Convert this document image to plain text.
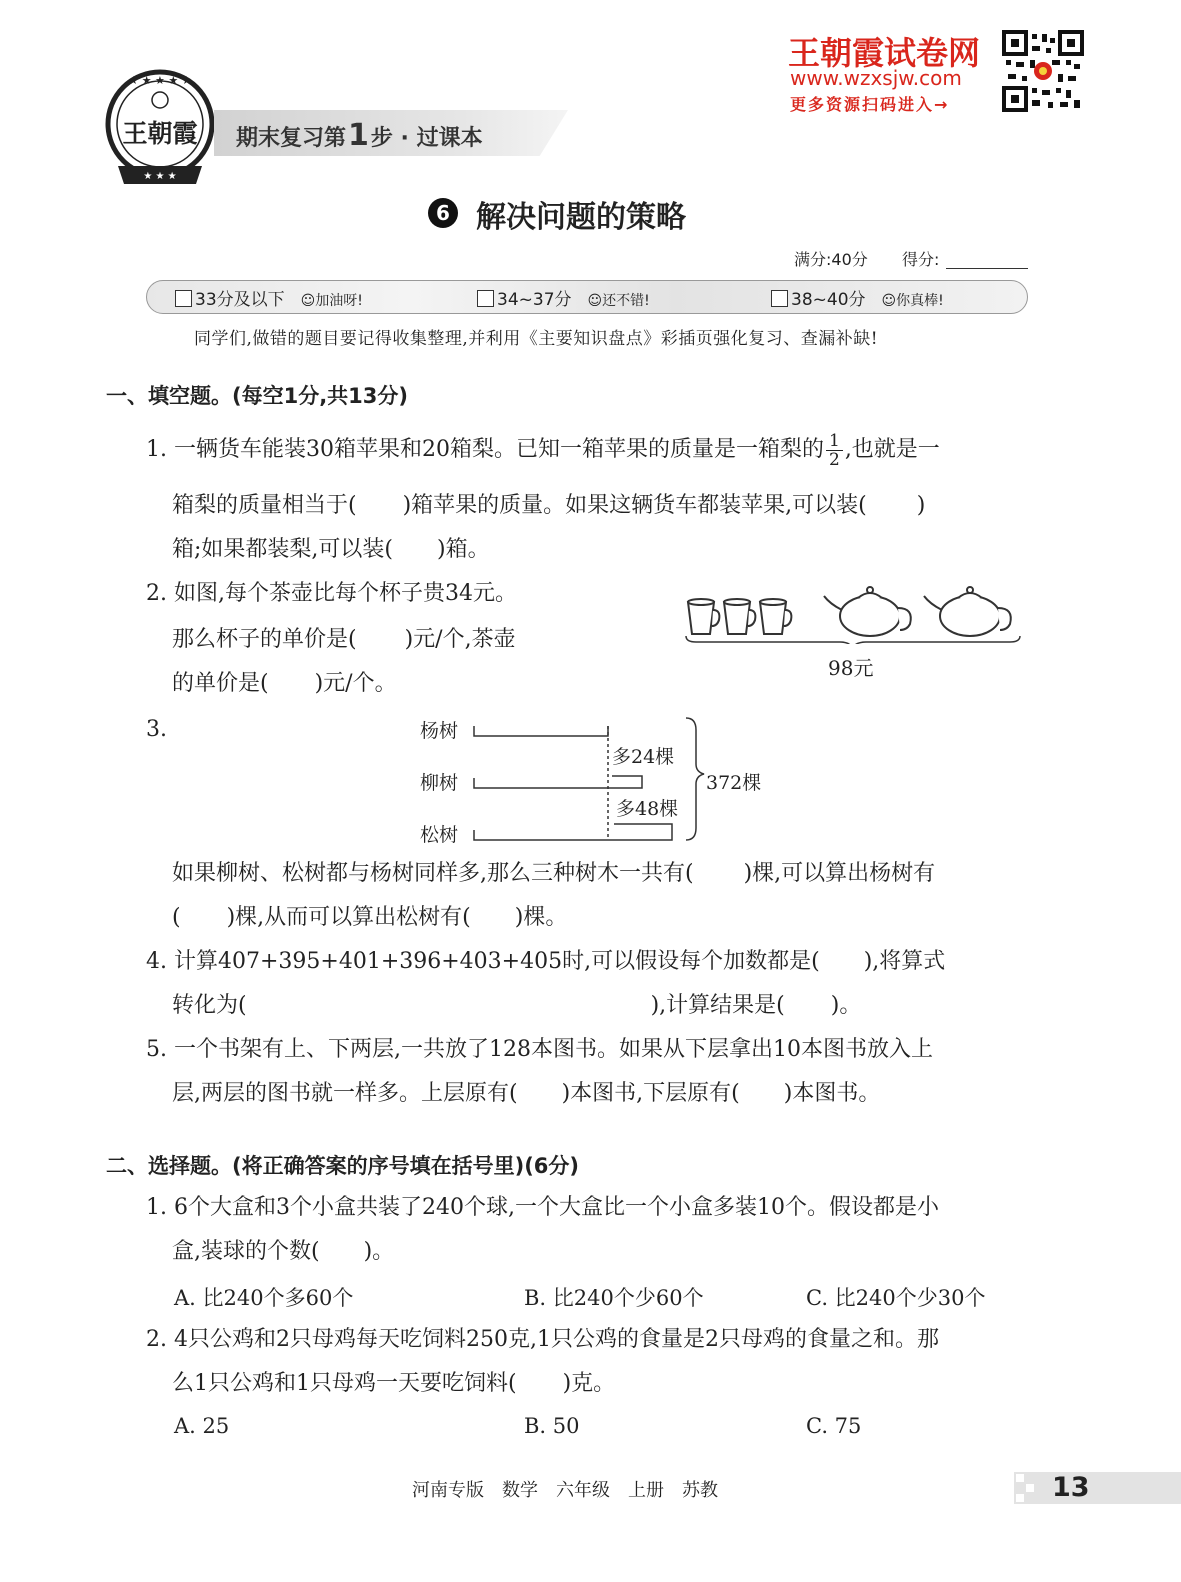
★ ★ ★
★ ★ ★ ★ ★
王朝霞 期末复习第1步 · 过课本
王朝霞试卷网
www.wzxsjw.com
更多资源扫码进入→
6 解决问题的策略
满分:40分 得分:
33分及以下 ☺加油呀!	34~37分 ☺还不错!	38~40分 ☺你真棒!
同学们,做错的题目要记得收集整理,并利用《主要知识盘点》彩插页强化复习、查漏补缺!
一、填空题。(每空1分,共13分)
1. 一辆货车能装30箱苹果和20箱梨。已知一箱苹果的质量是一箱梨的 $\frac{1}{2}$ ,也就是一
箱梨的质量相当于( )箱苹果的质量。如果这辆货车都装苹果,可以装( )
箱;如果都装梨,可以装( )箱。
2. 如图,每个茶壶比每个杯子贵34元。
那么杯子的单价是( )元/个,茶壶
的单价是( )元/个。
98元
3.	杨树
柳树
松树
多24棵
多48棵
372棵
如果柳树、松树都与杨树同样多,那么三种树木一共有( )棵,可以算出杨树有
( )棵,从而可以算出松树有( )棵。
4. 计算407+395+401+396+403+405时,可以假设每个加数都是( ),将算式
转化为(	),计算结果是( )。
5. 一个书架有上、下两层,一共放了128本图书。如果从下层拿出10本图书放入上
层,两层的图书就一样多。上层原有( )本图书,下层原有( )本图书。
二、选择题。(将正确答案的序号填在括号里)(6分)
1. 6个大盒和3个小盒共装了240个球,一个大盒比一个小盒多装10个。假设都是小
盒,装球的个数( )。
A. 比240个多60个	B. 比240个少60个	C. 比240个少30个
2. 4只公鸡和2只母鸡每天吃饲料250克,1只公鸡的食量是2只母鸡的食量之和。那
么1只公鸡和1只母鸡一天要吃饲料( )克。
A. 25	B. 50	C. 75
河南专版　数学　六年级　上册　苏教	13
